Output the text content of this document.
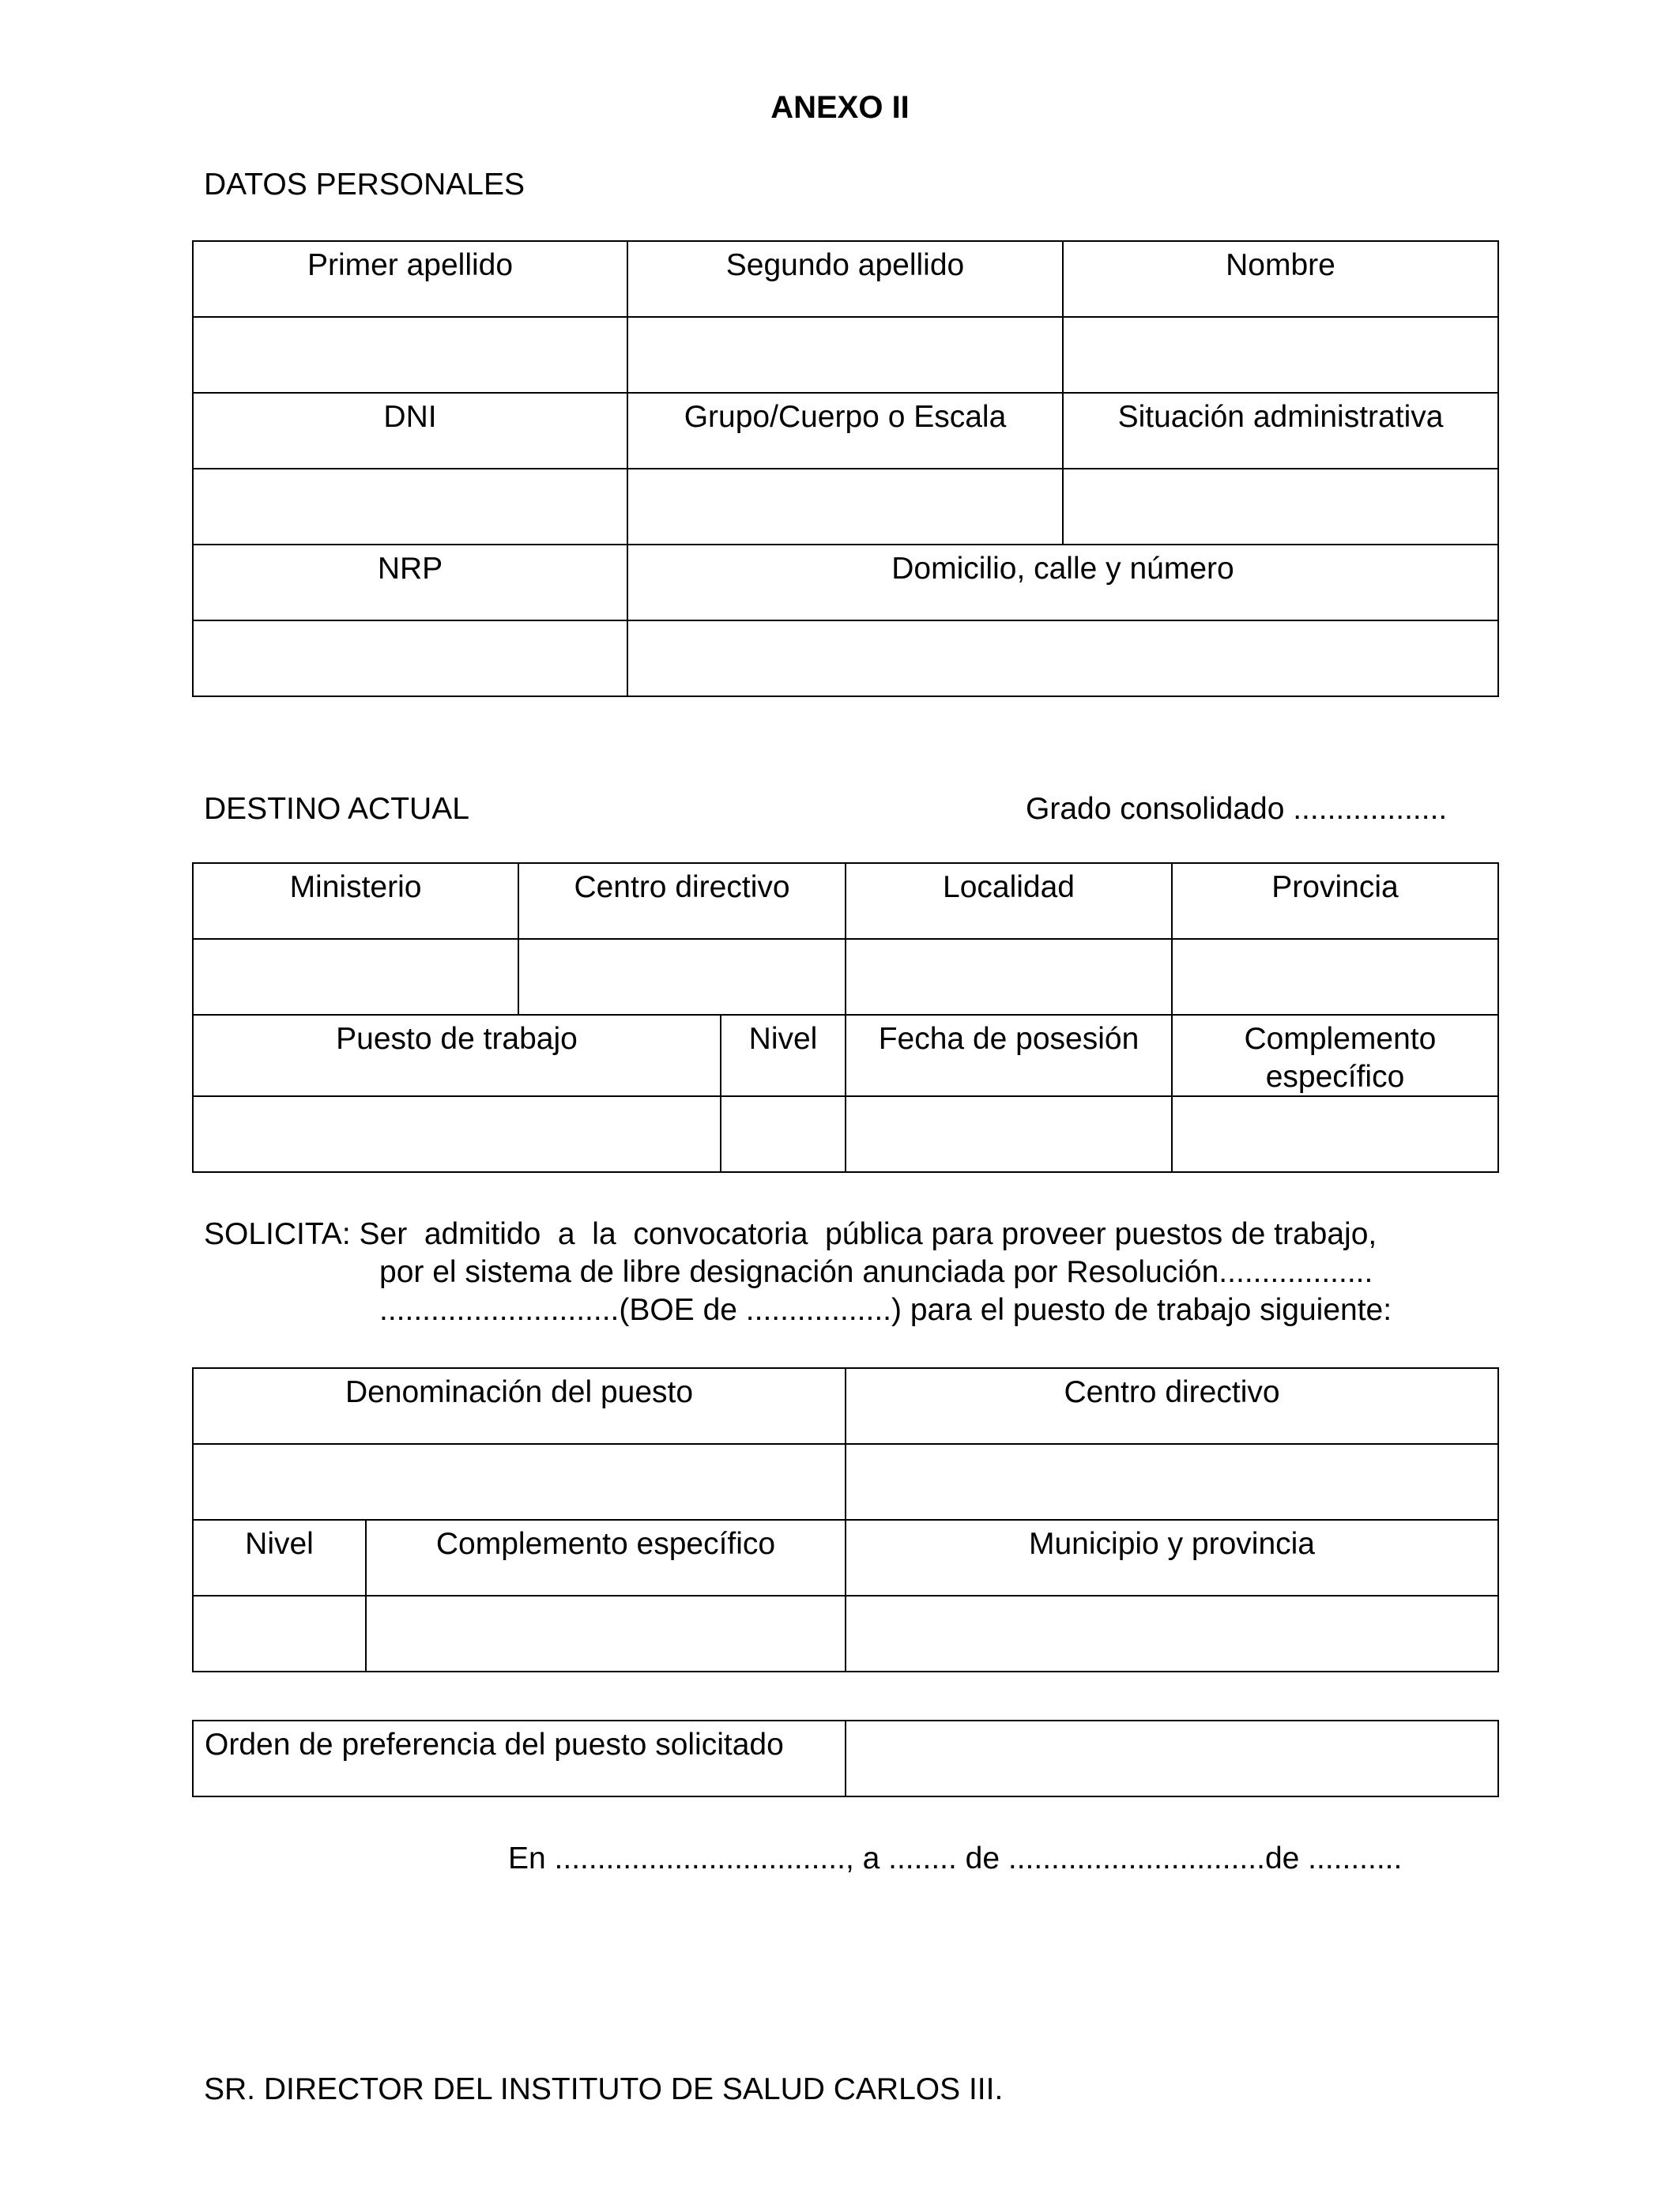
ANEXO II
DATOS PERSONALES
Primer apellido	Segundo apellido	Nombre

DNI	Grupo/Cuerpo o Escala	Situación administrativa

NRP	Domicilio, calle y número	

DESTINO ACTUAL	Grado consolidado ..................
Ministerio	Centro directivo		Localidad	Provincia

Puesto de trabajo		Nivel	Fecha de posesión	Complemento específico

SOLICITA: Ser  admitido  a  la  convocatoria  pública para proveer puestos de trabajo,
por el sistema de libre designación anunciada por Resolución..................
............................(BOE de .................) para el puesto de trabajo siguiente:
Denominación del puesto		Centro directivo

Nivel	Complemento específico	Municipio y provincia

Orden de preferencia del puesto solicitado	
En .................................., a ........ de ..............................de ...........
SR. DIRECTOR DEL INSTITUTO DE SALUD CARLOS III.
